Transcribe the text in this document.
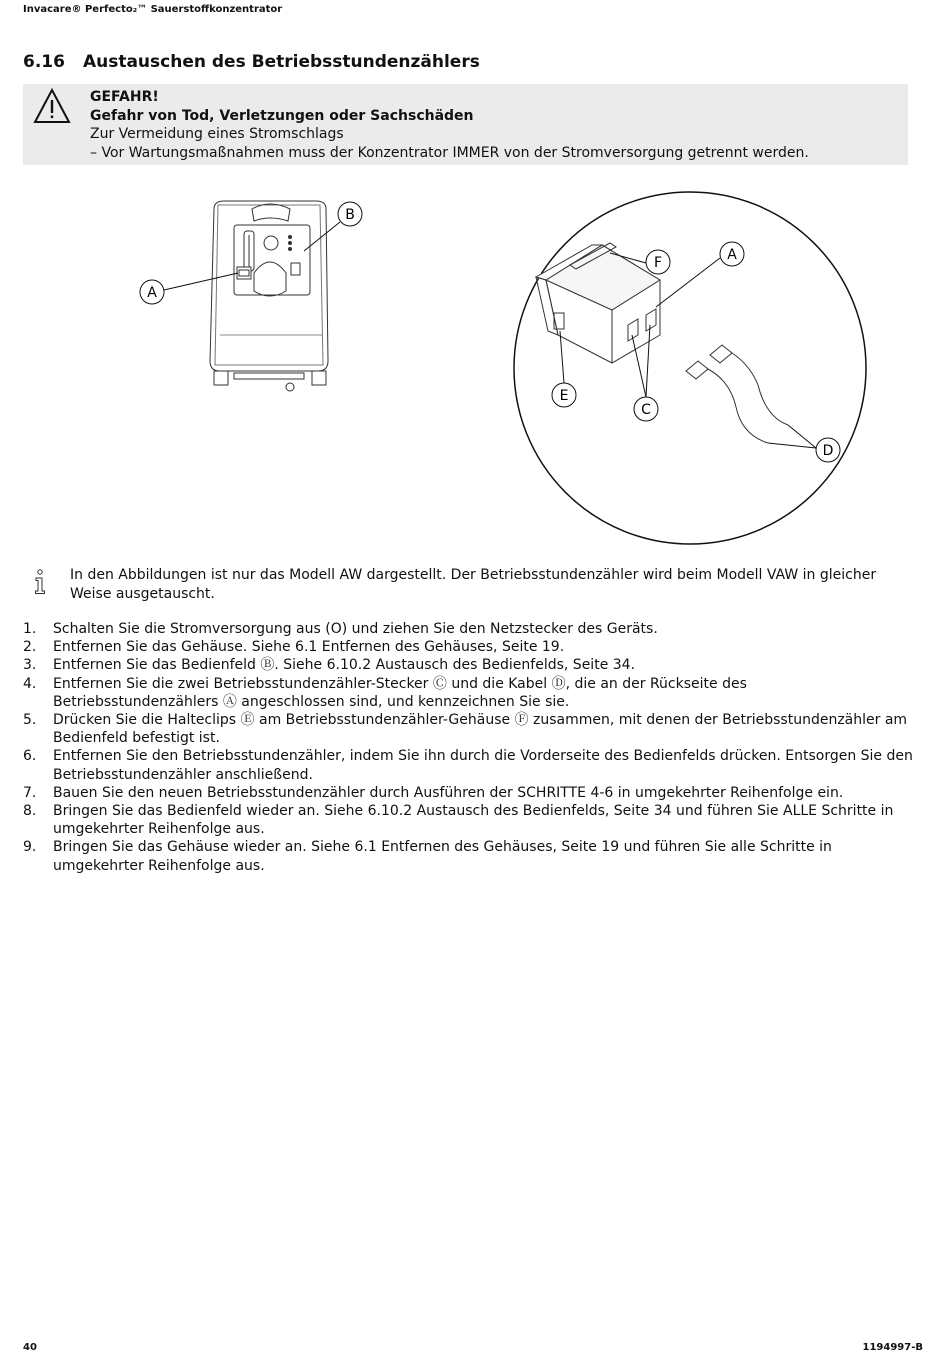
Invacare® Perfecto₂™ Sauerstoffkonzentrator
6.16 Austauschen des Betriebsstundenzählers
GEFAHR!
Gefahr von Tod, Verletzungen oder Sachschäden
Zur Vermeidung eines Stromschlags
– Vor Wartungsmaßnahmen muss der Konzentrator IMMER von der Stromversorgung getrennt werden.
A
B
F	A
E
C
D
In den Abbildungen ist nur das Modell AW dargestellt. Der Betriebsstundenzähler wird beim Modell VAW in gleicher Weise ausgetauscht.
1. Schalten Sie die Stromversorgung aus (O) und ziehen Sie den Netzstecker des Geräts.
2. Entfernen Sie das Gehäuse. Siehe 6.1 Entfernen des Gehäuses, Seite 19.
3. Entfernen Sie das Bedienfeld Ⓑ. Siehe 6.10.2 Austausch des Bedienfelds, Seite 34.
4. Entfernen Sie die zwei Betriebsstundenzähler-Stecker Ⓒ und die Kabel Ⓓ, die an der Rückseite des Betriebsstundenzählers Ⓐ angeschlossen sind, und kennzeichnen Sie sie.
5. Drücken Sie die Halteclips Ⓔ am Betriebsstundenzähler-Gehäuse Ⓕ zusammen, mit denen der Betriebsstundenzähler am Bedienfeld befestigt ist.
6. Entfernen Sie den Betriebsstundenzähler, indem Sie ihn durch die Vorderseite des Bedienfelds drücken. Entsorgen Sie den Betriebsstundenzähler anschließend.
7. Bauen Sie den neuen Betriebsstundenzähler durch Ausführen der SCHRITTE 4-6 in umgekehrter Reihenfolge ein.
8. Bringen Sie das Bedienfeld wieder an. Siehe 6.10.2 Austausch des Bedienfelds, Seite 34 und führen Sie ALLE Schritte in umgekehrter Reihenfolge aus.
9. Bringen Sie das Gehäuse wieder an. Siehe 6.1 Entfernen des Gehäuses, Seite 19 und führen Sie alle Schritte in umgekehrter Reihenfolge aus.
40	1194997-B
